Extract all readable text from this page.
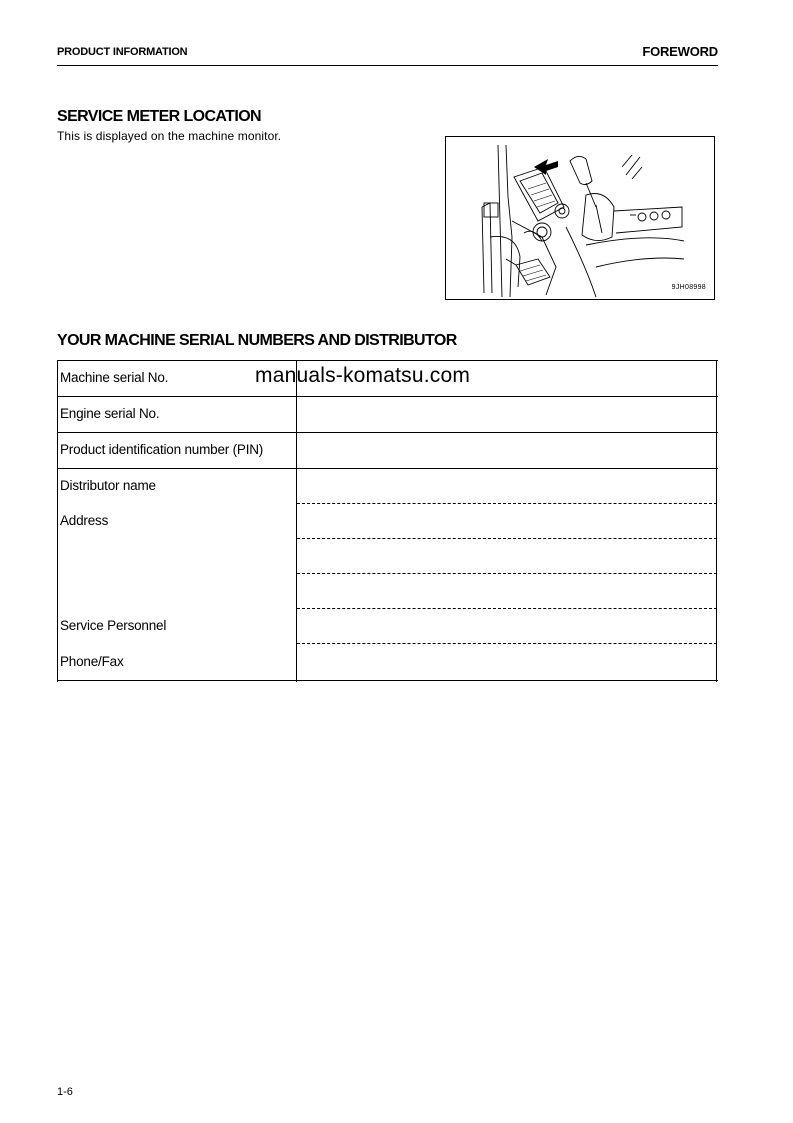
PRODUCT INFORMATION	FOREWORD
SERVICE METER LOCATION
This is displayed on the machine monitor.
9JH08998
YOUR MACHINE SERIAL NUMBERS AND DISTRIBUTOR
Machine serial No.
Engine serial No.
Product identification number (PIN)
Distributor name
Address
Service Personnel
Phone/Fax
manuals-komatsu.com
1-6
